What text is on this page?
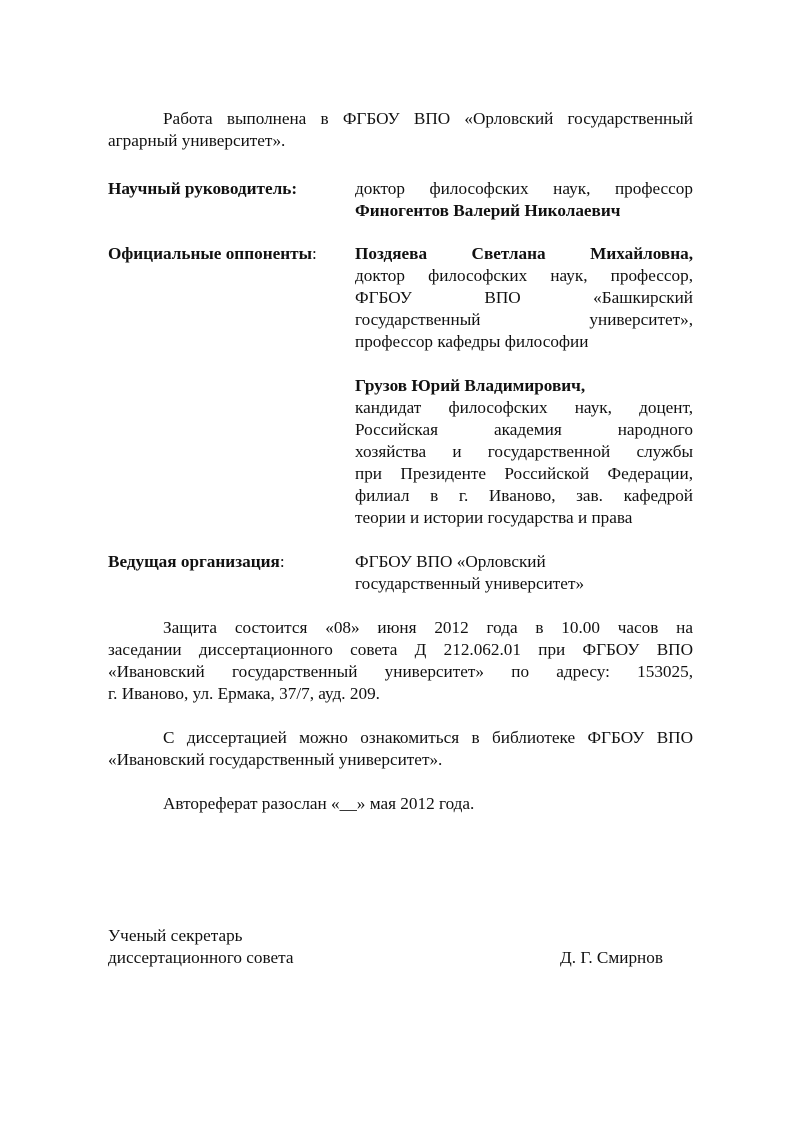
Работа выполнена в ФГБОУ ВПО «Орловский государственный
аграрный университет».
Научный руководитель:	доктор философских наук, профессор
Финогентов Валерий Николаевич
Официальные оппоненты: Поздяева Светлана Михайловна,
доктор философских наук, профессор,
ФГБОУ ВПО «Башкирский
государственный университет»,
профессор кафедры философии
Грузов Юрий Владимирович,
кандидат философских наук, доцент,
Российская академия народного
хозяйства и государственной службы
при Президенте Российской Федерации,
филиал в г. Иваново, зав. кафедрой
теории и истории государства и права
Ведущая организация:	ФГБОУ ВПО «Орловский
государственный университет»
Защита состоится «08» июня 2012 года в 10.00 часов на
заседании диссертационного совета Д 212.062.01 при ФГБОУ ВПО
«Ивановский государственный университет» по адресу: 153025,
г. Иваново, ул. Ермака, 37/7, ауд. 209.
С диссертацией можно ознакомиться в библиотеке ФГБОУ ВПО
«Ивановский государственный университет».
Автореферат разослан «__» мая 2012 года.
Ученый секретарь
диссертационного совета	Д. Г. Смирнов
